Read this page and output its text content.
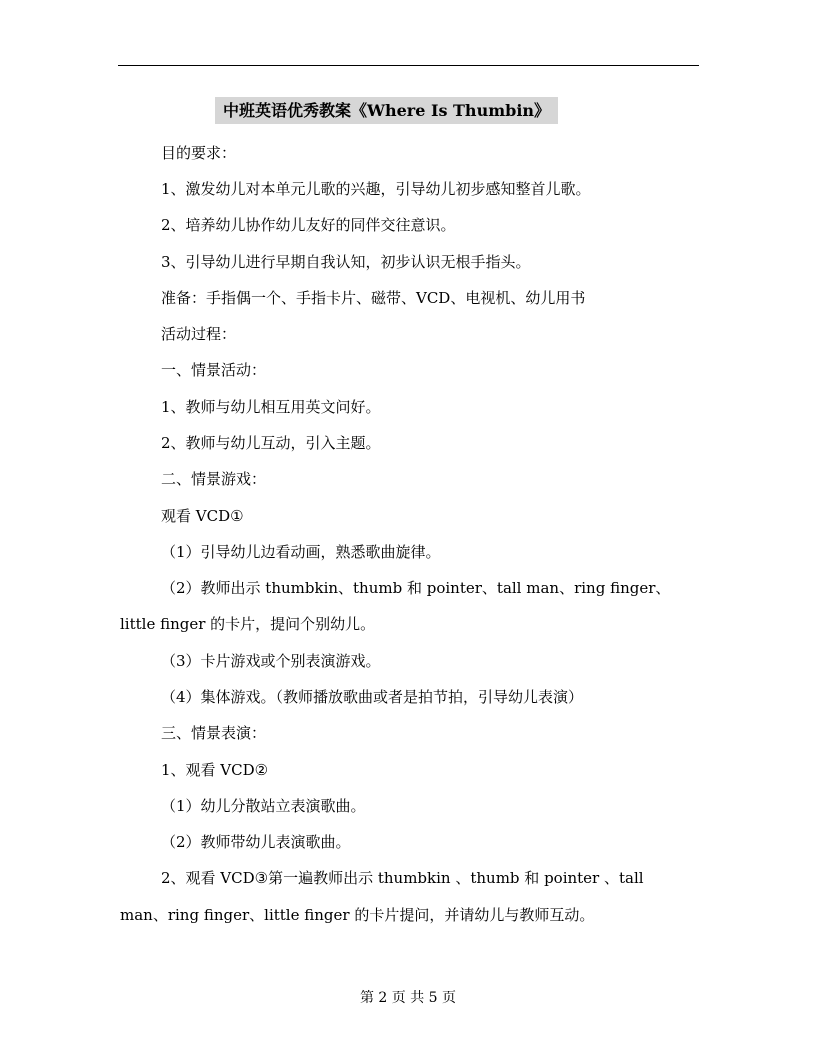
中班英语优秀教案《Where Is Thumbin》
目的要求：
1、激发幼儿对本单元儿歌的兴趣，引导幼儿初步感知整首儿歌。
2、培养幼儿协作幼儿友好的同伴交往意识。
3、引导幼儿进行早期自我认知，初步认识无根手指头。
准备：手指偶一个、手指卡片、磁带、VCD、电视机、幼儿用书
活动过程：
一、情景活动：
1、教师与幼儿相互用英文问好。
2、教师与幼儿互动，引入主题。
二、情景游戏：
观看 VCD①
（1）引导幼儿边看动画，熟悉歌曲旋律。
（2）教师出示 thumbkin、thumb 和 pointer、tall man、ring finger、
little finger 的卡片，提问个别幼儿。
（3）卡片游戏或个别表演游戏。
（4）集体游戏。（教师播放歌曲或者是拍节拍，引导幼儿表演）
三、情景表演：
1、观看 VCD②
（1）幼儿分散站立表演歌曲。
（2）教师带幼儿表演歌曲。
2、观看 VCD③第一遍教师出示 thumbkin 、thumb 和 pointer 、tall
man、ring finger、little finger 的卡片提问，并请幼儿与教师互动。
第 2 页 共 5 页
